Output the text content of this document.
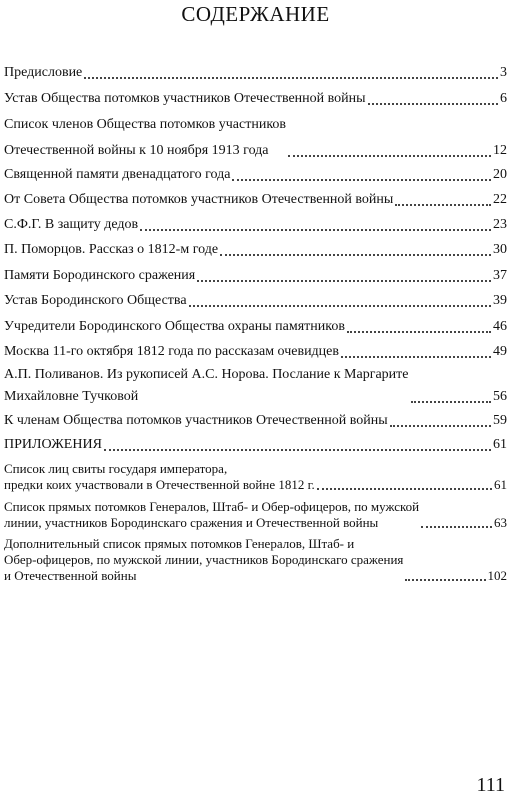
СОДЕРЖАНИЕ
Предисловие	3
Устав Общества потомков участников Отечественной войны	6
Список членов Общества потомков участников
Отечественной войны к 10 ноября 1913 года	12
Священной памяти двенадцатого года	20
От Совета Общества потомков участников Отечественной войны	22
С.Ф.Г. В защиту дедов	23
П. Поморцов. Рассказ о 1812-м годе	30
Памяти Бородинского сражения	37
Устав Бородинского Общества	39
Учредители Бородинского Общества охраны памятников	46
Москва 11-го октября 1812 года по рассказам очевидцев	49
А.П. Поливанов. Из рукописей А.С. Норова. Послание к Маргарите
Михайловне Тучковой	56
К членам Общества потомков участников Отечественной войны	59
ПРИЛОЖЕНИЯ	61
Список лиц свиты государя императора,
предки коих участвовали в Отечественной войне 1812 г.	61
Список прямых потомков Генералов, Штаб- и Обер-офицеров, по мужской
линии, участников Бородинскаго сражения и Отечественной войны	63
Дополнительный список прямых потомков Генералов, Штаб- и
Обер-офицеров, по мужской линии, участников Бородинскаго сражения
и Отечественной войны	102
111
